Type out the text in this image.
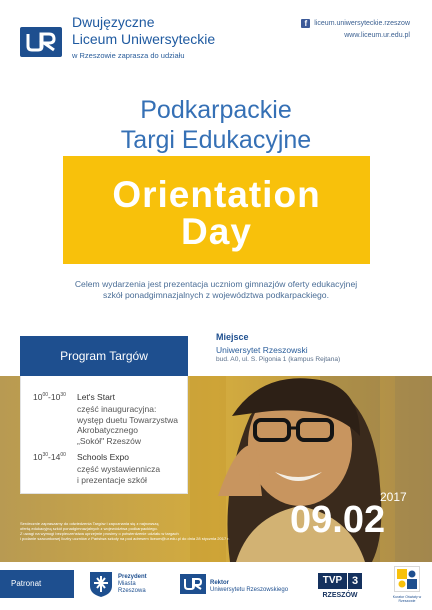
Dwujęzyczne
Liceum Uniwersyteckie
w Rzeszowie zaprasza do udziału
f	liceum.uniwersyteckie.rzeszow
www.liceum.ur.edu.pl
Podkarpackie
Targi Edukacyjne
Orientation
Day
Celem wydarzenia jest prezentacja uczniom gimnazjów oferty edukacyjnej
szkół ponadgimnazjalnych z województwa podkarpackiego.
Program Targów
$10^{00}-10^{30}$ Let's Start
część inauguracyjna:
występ duetu Towarzystwa
Akrobatycznego
„Sokół" Rzeszów
$10^{30}-14^{00}$ Schools Expo
część wystawiennicza
i prezentacje szkół
Miejsce
Uniwersytet Rzeszowski
bud. A0, ul. S. Pigonia 1 (kampus Rejtana)
2017
09.02
Serdecznie zapraszamy do odwiedzenia Targów i zapoznania się z najnowszą
ofertą edukacyjną szkół ponadgimnazjalnych z województwa podkarpackiego.
Z uwagi na wymogi bezpieczeństwa uprzejmie prosimy o potwierdzenie udziału w targach
i podanie szacunkowej liczby uczniów z Państwa szkoły na pod adresem liceum@ur.edu.pl do dnia 28 stycznia 2017 r.
Patronat
Prezydent
Miasta
Rzeszowa
Rektor
Uniwersytetu Rzeszowskiego
TVP 3
RZESZÓW	Kurator Oświaty w Rzeszowie
